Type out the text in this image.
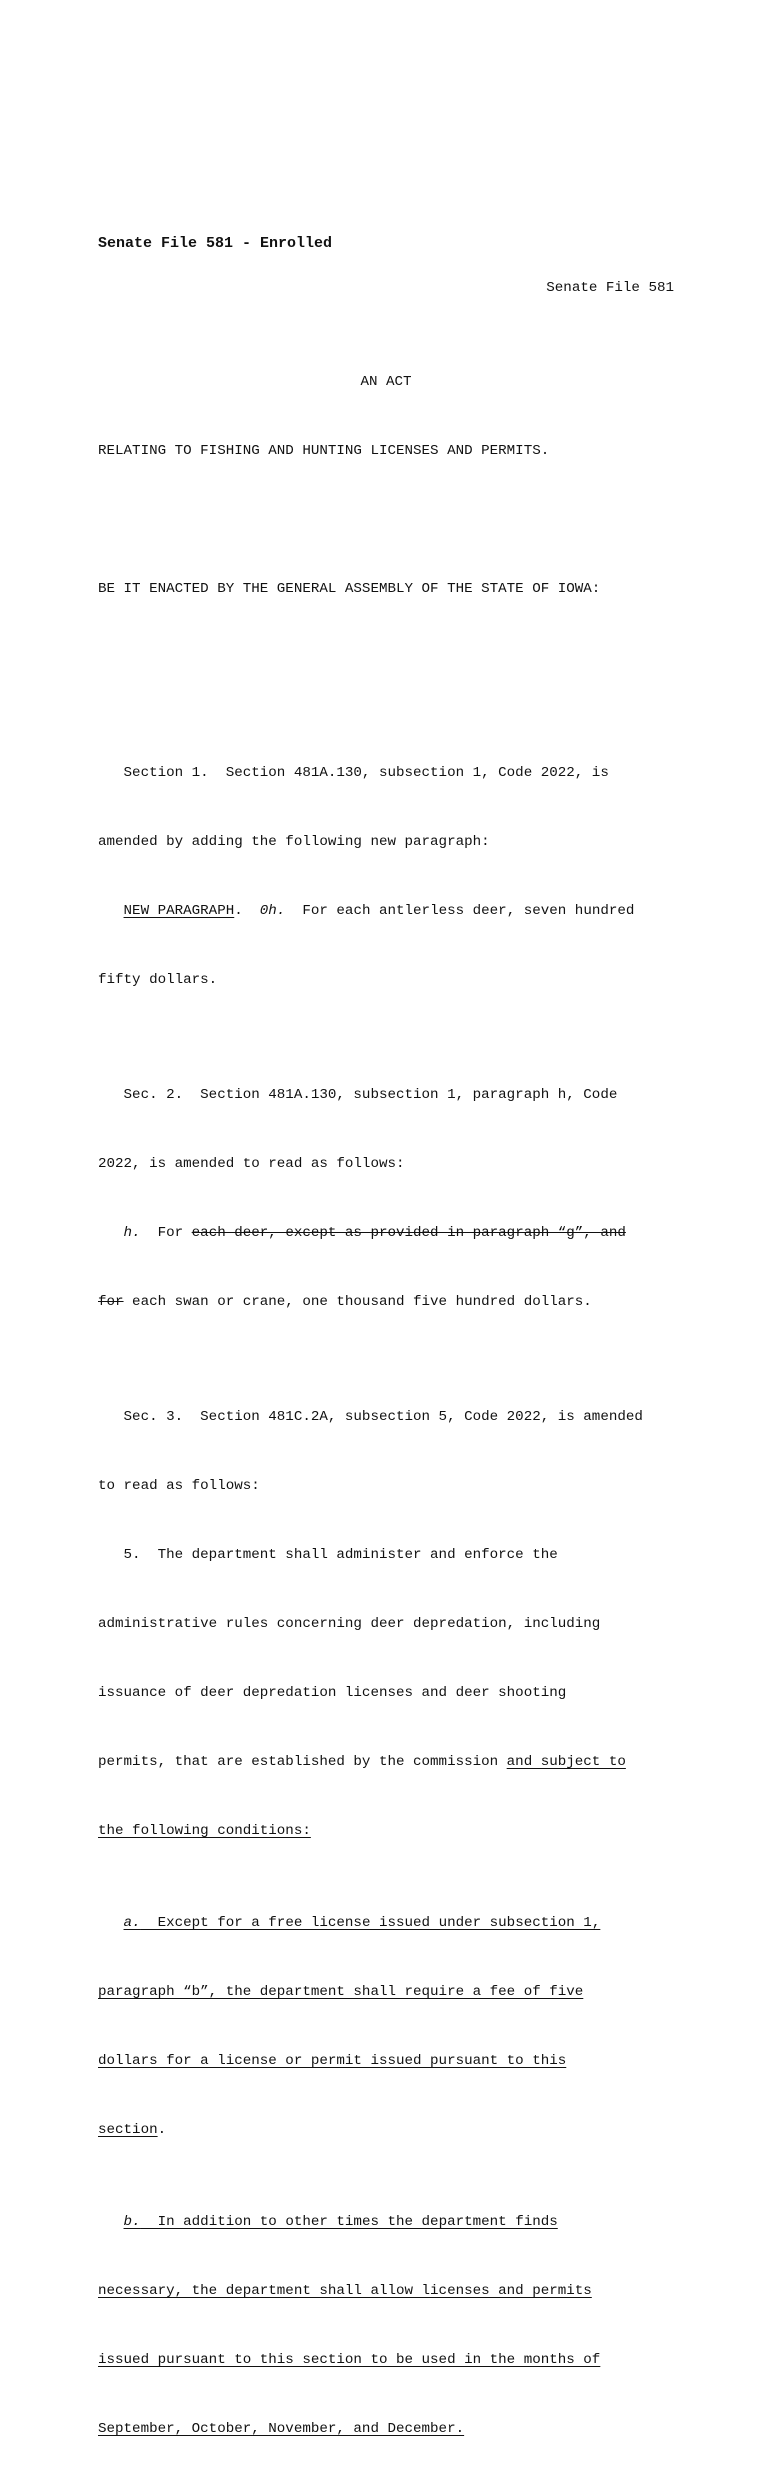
Senate File 581 - Enrolled
Senate File 581

AN ACT

RELATING TO FISHING AND HUNTING LICENSES AND PERMITS.

BE IT ENACTED BY THE GENERAL ASSEMBLY OF THE STATE OF IOWA:

Section 1.  Section 481A.130, subsection 1, Code 2022, is

amended by adding the following new paragraph:

NEW PARAGRAPH.  0h.  For each antlerless deer, seven hundred

fifty dollars.

Sec. 2.  Section 481A.130, subsection 1, paragraph h, Code

2022, is amended to read as follows:

h.  For each deer, except as provided in paragraph “g”, and

for each swan or crane, one thousand five hundred dollars.

Sec. 3.  Section 481C.2A, subsection 5, Code 2022, is amended

to read as follows:

5.  The department shall administer and enforce the

administrative rules concerning deer depredation, including

issuance of deer depredation licenses and deer shooting

permits, that are established by the commission and subject to

the following conditions:

a.  Except for a free license issued under subsection 1,

paragraph “b”, the department shall require a fee of five

dollars for a license or permit issued pursuant to this

section.

b.  In addition to other times the department finds

necessary, the department shall allow licenses and permits

issued pursuant to this section to be used in the months of

September, October, November, and December.
